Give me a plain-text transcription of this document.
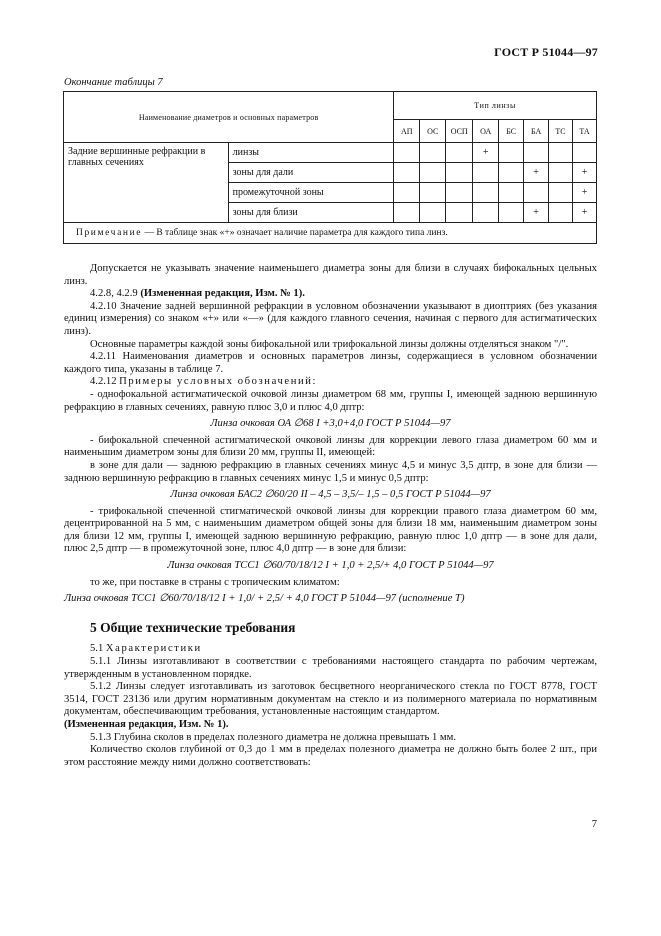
ГОСТ Р 51044—97
Окончание таблицы 7
Наименование диаметров и основных параметров		Тип линзы							
		АП	ОС	ОСП	ОА	БС	БА	ТС	ТА
Задние вершинные рефракции в главных сечениях	линзы				+				
	зоны для дали						+		+
	промежуточной зоны								+
	зоны для близи						+		+
Примечание — В таблице знак «+» означает наличие параметра для каждого типа линз.									

Допускается не указывать значение наименьшего диаметра зоны для близи в случаях бифокальных цельных линз.

4.2.8, 4.2.9 (Измененная редакция, Изм. № 1).

4.2.10 Значение задней вершинной рефракции в условном обозначении указывают в диоптриях (без указания единиц измерения) со знаком «+» или «—» (для каждого главного сечения, начиная с первого для астигматических линз).

Основные параметры каждой зоны бифокальной или трифокальной линзы должны отделяться знаком "/".

4.2.11 Наименования диаметров и основных параметров линзы, содержащиеся в условном обозначении каждого типа, указаны в таблице 7.

4.2.12 Примеры условных обозначений:

- однофокальной астигматической очковой линзы диаметром 68 мм, группы I, имеющей заднюю вершинную рефракцию в главных сечениях, равную плюс 3,0 и плюс 4,0 дптр:

Линза очковая ОА ∅68 I +3,0+4,0 ГОСТ Р 51044—97

- бифокальной спеченной астигматической очковой линзы для коррекции левого глаза диаметром 60 мм и наименьшим диаметром зоны для близи 20 мм, группы II, имеющей:

в зоне для дали — заднюю рефракцию в главных сечениях минус 4,5 и минус 3,5 дптр, в зоне для близи — заднюю вершинную рефракцию в главных сечениях минус 1,5 и минус 0,5 дптр:

Линза очковая БАС2 ∅60/20 II – 4,5 – 3,5/– 1,5 – 0,5 ГОСТ Р 51044—97

- трифокальной спеченной стигматической очковой линзы для коррекции правого глаза диаметром 60 мм, децентрированной на 5 мм, с наименьшим диаметром общей зоны для близи 18 мм, наименьшим диаметром зоны для близи 12 мм, группы I, имеющей заднюю вершинную рефракцию, равную плюс 1,0 дптр — в зоне для дали, плюс 2,5 дптр — в промежуточной зоне, плюс 4,0 дптр — в зоне для близи:

Линза очковая ТСС1 ∅60/70/18/12 I + 1,0 + 2,5/+ 4,0 ГОСТ Р 51044—97

то же, при поставке в страны с тропическим климатом:

Линза очковая ТСС1 ∅60/70/18/12 I + 1,0/ + 2,5/ + 4,0 ГОСТ Р 51044—97 (исполнение Т)

5 Общие технические требования

5.1 Характеристики

5.1.1 Линзы изготавливают в соответствии с требованиями настоящего стандарта по рабочим чертежам, утвержденным в установленном порядке.

5.1.2 Линзы следует изготавливать из заготовок бесцветного неорганического стекла по ГОСТ 8778, ГОСТ 3514, ГОСТ 23136 или другим нормативным документам на стекло и из полимерного материала по нормативным документам, обеспечивающим требования, установленные настоящим стандартом.

(Измененная редакция, Изм. № 1).

5.1.3 Глубина сколов в пределах полезного диаметра не должна превышать 1 мм.

Количество сколов глубиной от 0,3 до 1 мм в пределах полезного диаметра не должно быть более 2 шт., при этом расстояние между ними должно соответствовать:

7
